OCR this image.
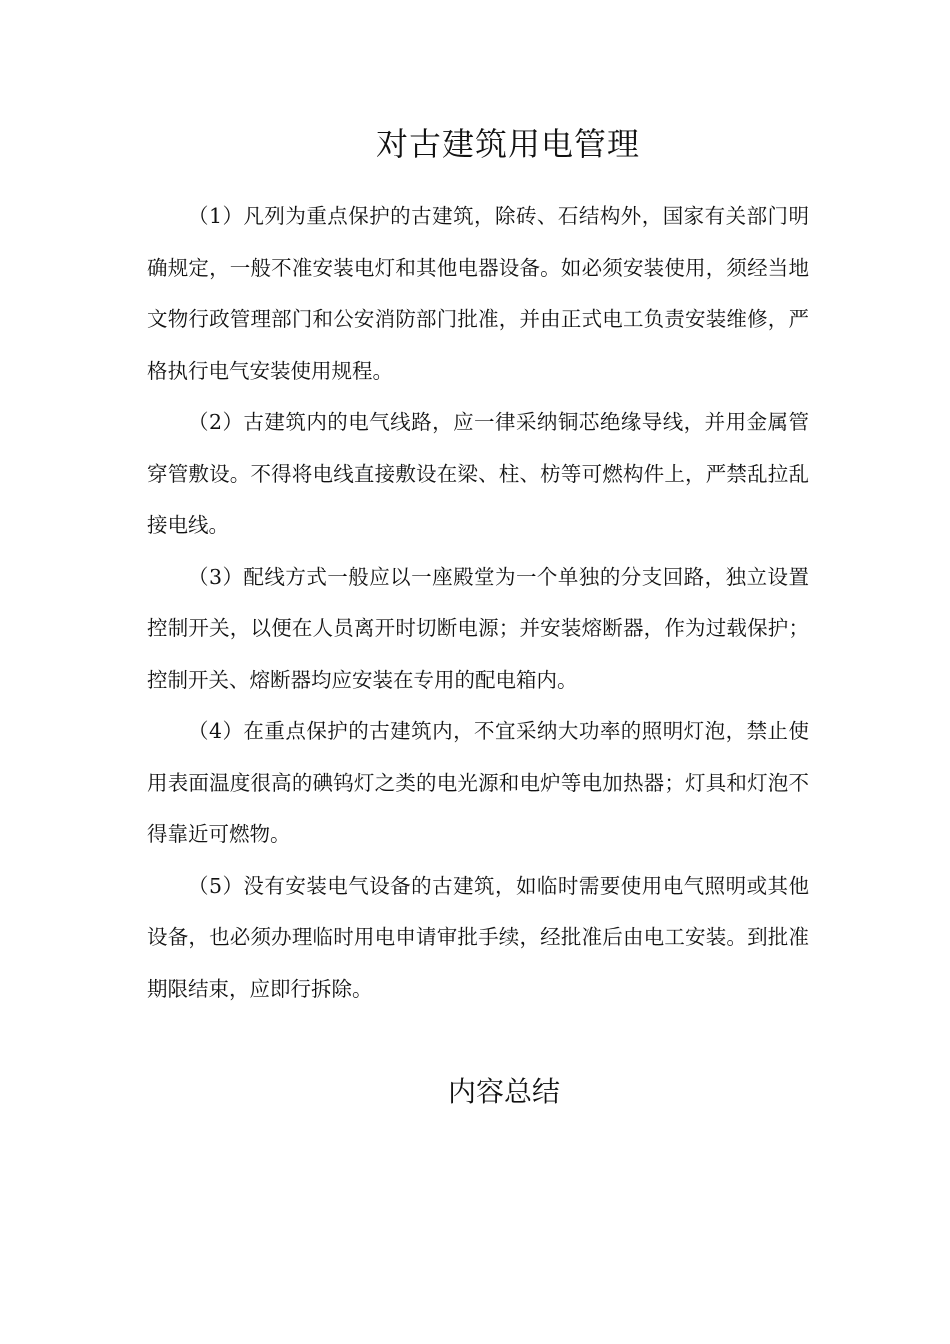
对古建筑用电管理

（1）凡列为重点保护的古建筑，除砖、石结构外，国家有关部门明确规定，一般不准安装电灯和其他电器设备。如必须安装使用，须经当地文物行政管理部门和公安消防部门批准，并由正式电工负责安装维修，严格执行电气安装使用规程。

（2）古建筑内的电气线路，应一律采纳铜芯绝缘导线，并用金属管穿管敷设。不得将电线直接敷设在梁、柱、枋等可燃构件上，严禁乱拉乱接电线。

（3）配线方式一般应以一座殿堂为一个单独的分支回路，独立设置控制开关，以便在人员离开时切断电源；并安装熔断器，作为过载保护；控制开关、熔断器均应安装在专用的配电箱内。

（4）在重点保护的古建筑内，不宜采纳大功率的照明灯泡，禁止使用表面温度很高的碘钨灯之类的电光源和电炉等电加热器；灯具和灯泡不得靠近可燃物。

（5）没有安装电气设备的古建筑，如临时需要使用电气照明或其他设备，也必须办理临时用电申请审批手续，经批准后由电工安装。到批准期限结束，应即行拆除。

内容总结
